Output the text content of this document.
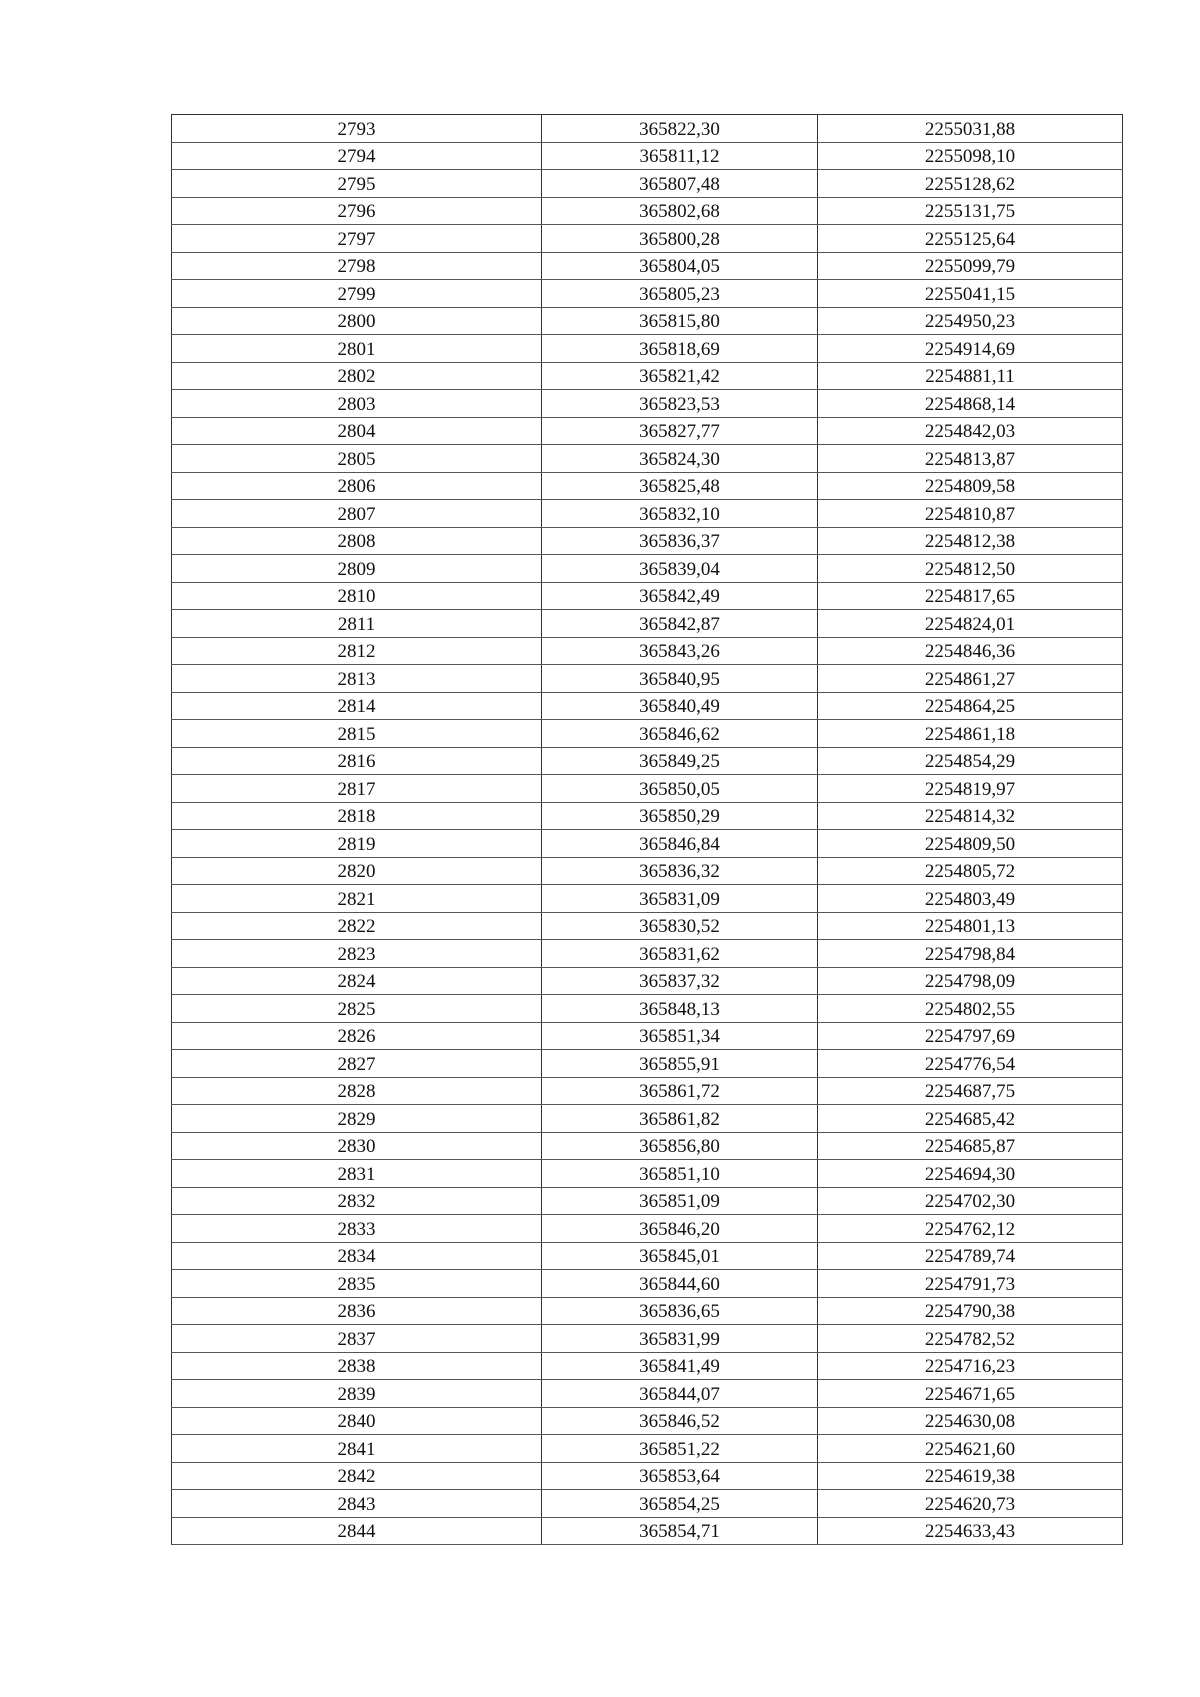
2793	365822,30	2255031,88
2794	365811,12	2255098,10
2795	365807,48	2255128,62
2796	365802,68	2255131,75
2797	365800,28	2255125,64
2798	365804,05	2255099,79
2799	365805,23	2255041,15
2800	365815,80	2254950,23
2801	365818,69	2254914,69
2802	365821,42	2254881,11
2803	365823,53	2254868,14
2804	365827,77	2254842,03
2805	365824,30	2254813,87
2806	365825,48	2254809,58
2807	365832,10	2254810,87
2808	365836,37	2254812,38
2809	365839,04	2254812,50
2810	365842,49	2254817,65
2811	365842,87	2254824,01
2812	365843,26	2254846,36
2813	365840,95	2254861,27
2814	365840,49	2254864,25
2815	365846,62	2254861,18
2816	365849,25	2254854,29
2817	365850,05	2254819,97
2818	365850,29	2254814,32
2819	365846,84	2254809,50
2820	365836,32	2254805,72
2821	365831,09	2254803,49
2822	365830,52	2254801,13
2823	365831,62	2254798,84
2824	365837,32	2254798,09
2825	365848,13	2254802,55
2826	365851,34	2254797,69
2827	365855,91	2254776,54
2828	365861,72	2254687,75
2829	365861,82	2254685,42
2830	365856,80	2254685,87
2831	365851,10	2254694,30
2832	365851,09	2254702,30
2833	365846,20	2254762,12
2834	365845,01	2254789,74
2835	365844,60	2254791,73
2836	365836,65	2254790,38
2837	365831,99	2254782,52
2838	365841,49	2254716,23
2839	365844,07	2254671,65
2840	365846,52	2254630,08
2841	365851,22	2254621,60
2842	365853,64	2254619,38
2843	365854,25	2254620,73
2844	365854,71	2254633,43
